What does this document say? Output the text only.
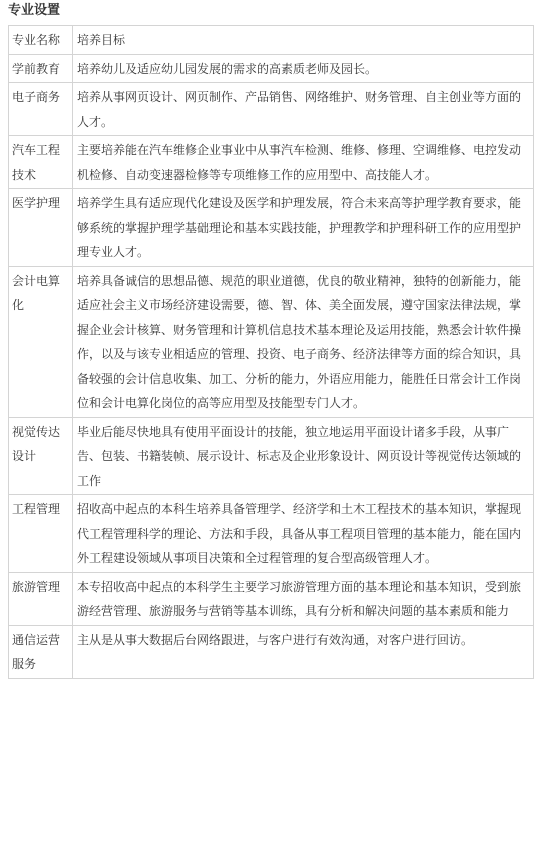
专业设置
专业名称	培养目标
学前教育	培养幼儿及适应幼儿园发展的需求的高素质老师及园长。
电子商务	培养从事网页设计、网页制作、产品销售、网络维护、财务管理、自主创业等方面的人才。
汽车工程技术	主要培养能在汽车维修企业事业中从事汽车检测、维修、修理、空调维修、电控发动机检修、自动变速器检修等专项维修工作的应用型中、高技能人才。
医学护理	培养学生具有适应现代化建设及医学和护理发展，符合未来高等护理学教育要求，能够系统的掌握护理学基础理论和基本实践技能，护理教学和护理科研工作的应用型护理专业人才。
会计电算化	培养具备诚信的思想品德、规范的职业道德，优良的敬业精神，独特的创新能力，能适应社会主义市场经济建设需要，德、智、体、美全面发展，遵守国家法律法规，掌握企业会计核算、财务管理和计算机信息技术基本理论及运用技能，熟悉会计软件操作，以及与该专业相适应的管理、投资、电子商务、经济法律等方面的综合知识，具备较强的会计信息收集、加工、分析的能力，外语应用能力，能胜任日常会计工作岗位和会计电算化岗位的高等应用型及技能型专门人才。
视觉传达设计	毕业后能尽快地具有使用平面设计的技能，独立地运用平面设计诸多手段，从事广告、包装、书籍装帧、展示设计、标志及企业形象设计、网页设计等视觉传达领域的工作
工程管理	招收高中起点的本科生培养具备管理学、经济学和土木工程技术的基本知识，掌握现代工程管理科学的理论、方法和手段，具备从事工程项目管理的基本能力，能在国内外工程建设领域从事项目决策和全过程管理的复合型高级管理人才。
旅游管理	本专招收高中起点的本科学生主要学习旅游管理方面的基本理论和基本知识，受到旅游经营管理、旅游服务与营销等基本训练，具有分析和解决问题的基本素质和能力
通信运营服务	主从是从事大数据后台网络跟进，与客户进行有效沟通，对客户进行回访。
